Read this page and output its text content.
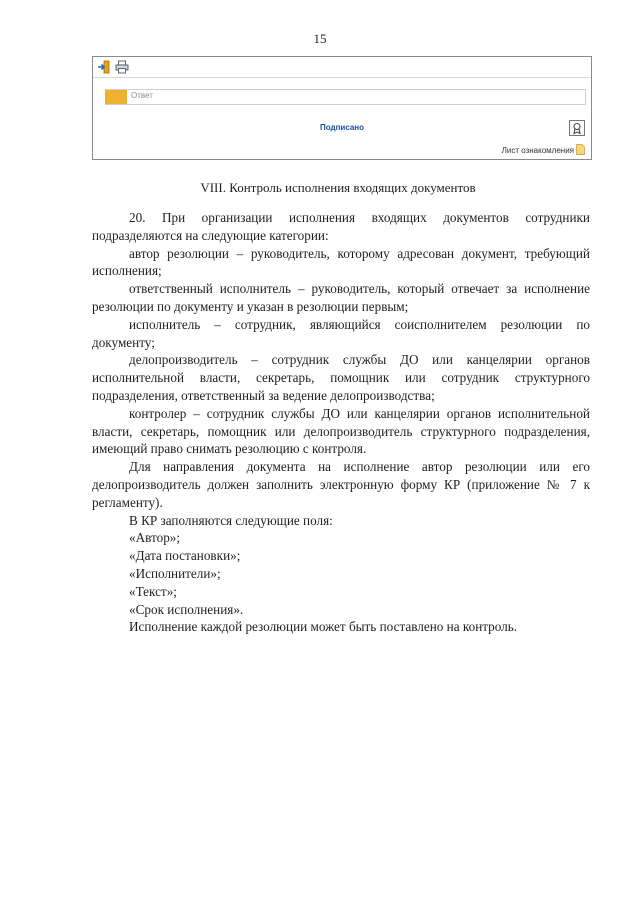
15
Ответ
Подписано
Лист ознакомления
VIII. Контроль исполнения входящих документов

20. При организации исполнения входящих документов сотрудники подразделяются на следующие категории:

автор резолюции – руководитель, которому адресован документ, требующий исполнения;

ответственный исполнитель – руководитель, который отвечает за исполнение резолюции по документу и указан в резолюции первым;

исполнитель – сотрудник, являющийся соисполнителем резолюции по документу;

делопроизводитель – сотрудник службы ДО или канцелярии органов исполнительной власти, секретарь, помощник или сотрудник структурного подразделения, ответственный за ведение делопроизводства;

контролер – сотрудник службы ДО или канцелярии органов исполнительной власти, секретарь, помощник или делопроизводитель структурного подразделения, имеющий право снимать резолюцию с контроля.

Для направления документа на исполнение автор резолюции или его делопроизводитель должен заполнить электронную форму КР (приложение № 7 к регламенту).

В КР заполняются следующие поля:

«Автор»;

«Дата постановки»;

«Исполнители»;

«Текст»;

«Срок исполнения».

Исполнение каждой резолюции может быть поставлено на контроль.
